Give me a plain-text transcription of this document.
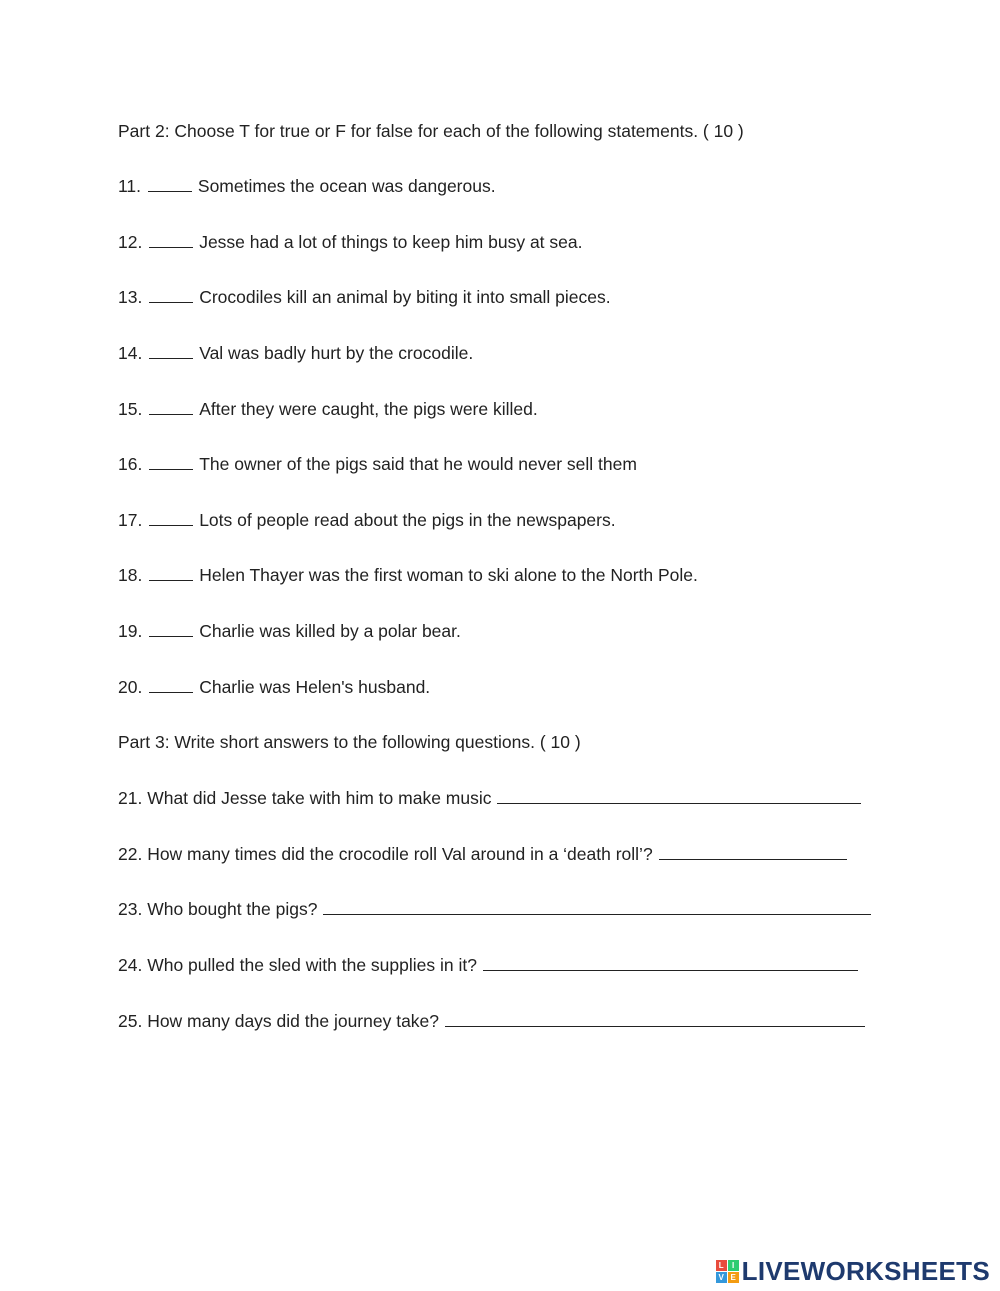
Part 2: Choose T for true or F for false for each of the following statements. ( 10 )
11.	Sometimes the ocean was dangerous.
12.	Jesse had a lot of things to keep him busy at sea.
13.	Crocodiles kill an animal by biting it into small pieces.
14.	Val was badly hurt by the crocodile.
15.	After they were caught, the pigs were killed.
16.	The owner of the pigs said that he would never sell them
17.	Lots of people read about the pigs in the newspapers.
18.	Helen Thayer was the first woman to ski alone to the North Pole.
19.	Charlie was killed by a polar bear.
20.	Charlie was Helen's husband.
Part 3: Write short answers to the following questions. ( 10 )
21. What did Jesse take with him to make music
22. How many times did the crocodile roll Val around in a ‘death roll’?
23. Who bought the pigs?
24. Who pulled the sled with the supplies in it?
25. How many days did the journey take?
L	I
V E LIVEWORKSHEETS
